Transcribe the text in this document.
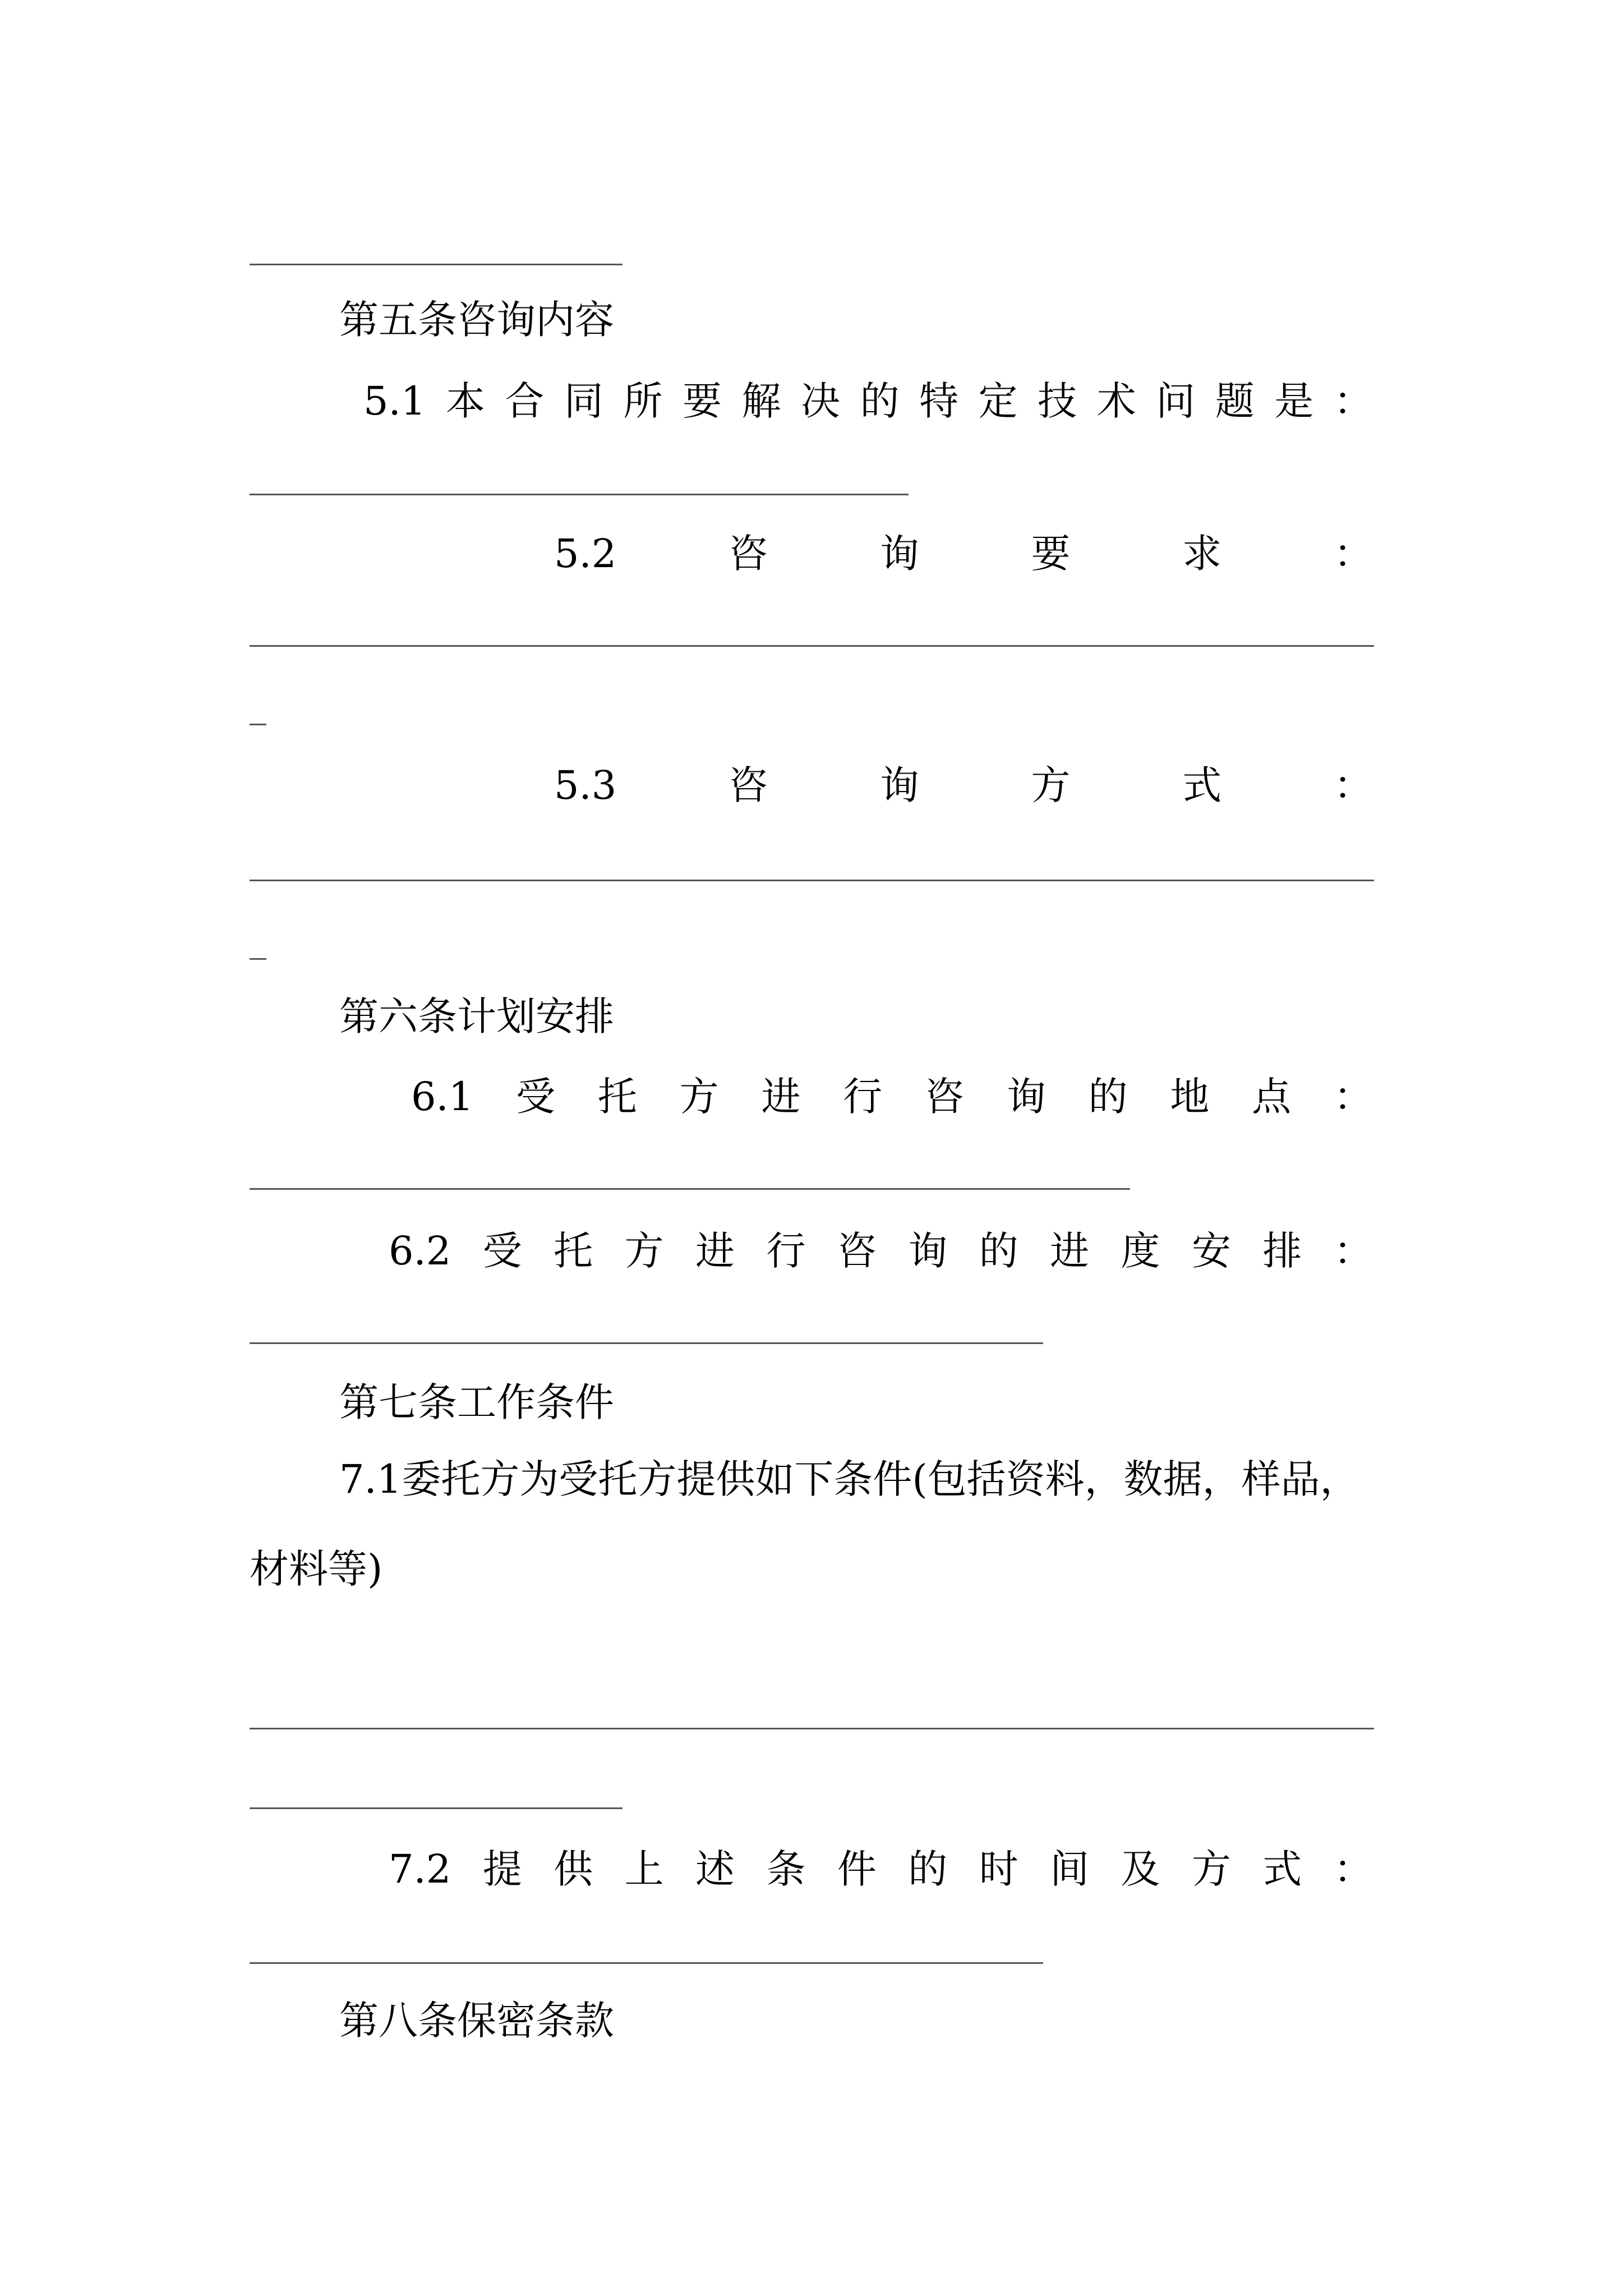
第五条咨询内容
5.1 本 合 同 所 要 解 决 的 特 定 技 术 问 题 是 ：
5.2	咨	询	要	求	：
5.3	咨	询	方	式	：
第六条计划安排
6.1 受 托 方 进 行 咨 询 的 地 点 ：
6.2 受 托 方 进 行 咨 询 的 进 度 安 排 ：
第七条工作条件
7.1委托方为受托方提供如下条件(包括资料，数据，样品，材料等)
7.2 提 供 上 述 条 件 的 时 间 及 方 式 ：
第八条保密条款
